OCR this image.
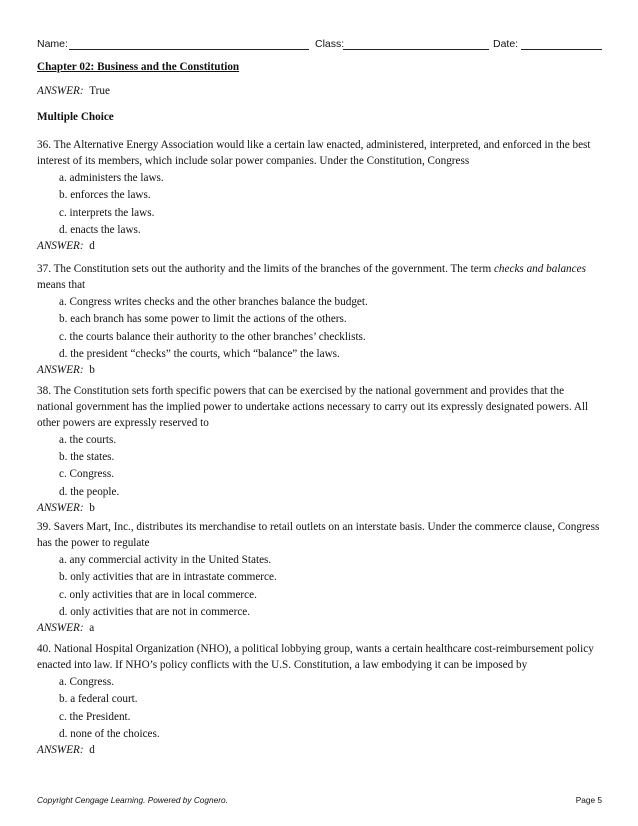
Name:	Class:	Date:
Chapter 02: Business and the Constitution
ANSWER: True
Multiple Choice

36. The Alternative Energy Association would like a certain law enacted, administered, interpreted, and enforced in the best interest of its members, which include solar power companies. Under the Constitution, Congress

a. administers the laws.
b. enforces the laws.
c. interprets the laws.
d. enacts the laws.

ANSWER: d

37. The Constitution sets out the authority and the limits of the branches of the government. The term checks and balances means that

a. Congress writes checks and the other branches balance the budget.
b. each branch has some power to limit the actions of the others.
c. the courts balance their authority to the other branches’ checklists.
d. the president “checks” the courts, which “balance” the laws.

ANSWER: b

38. The Constitution sets forth specific powers that can be exercised by the national government and provides that the national government has the implied power to undertake actions necessary to carry out its expressly designated powers. All other powers are expressly reserved to

a. the courts.
b. the states.
c. Congress.
d. the people.

ANSWER: b

39. Savers Mart, Inc., distributes its merchandise to retail outlets on an interstate basis. Under the commerce clause, Congress has the power to regulate

a. any commercial activity in the United States.
b. only activities that are in intrastate commerce.
c. only activities that are in local commerce.
d. only activities that are not in commerce.

ANSWER: a

40. National Hospital Organization (NHO), a political lobbying group, wants a certain healthcare cost-reimbursement policy enacted into law. If NHO’s policy conflicts with the U.S. Constitution, a law embodying it can be imposed by

a. Congress.
b. a federal court.
c. the President.
d. none of the choices.

ANSWER: d

Copyright Cengage Learning. Powered by Cognero.	Page 5
